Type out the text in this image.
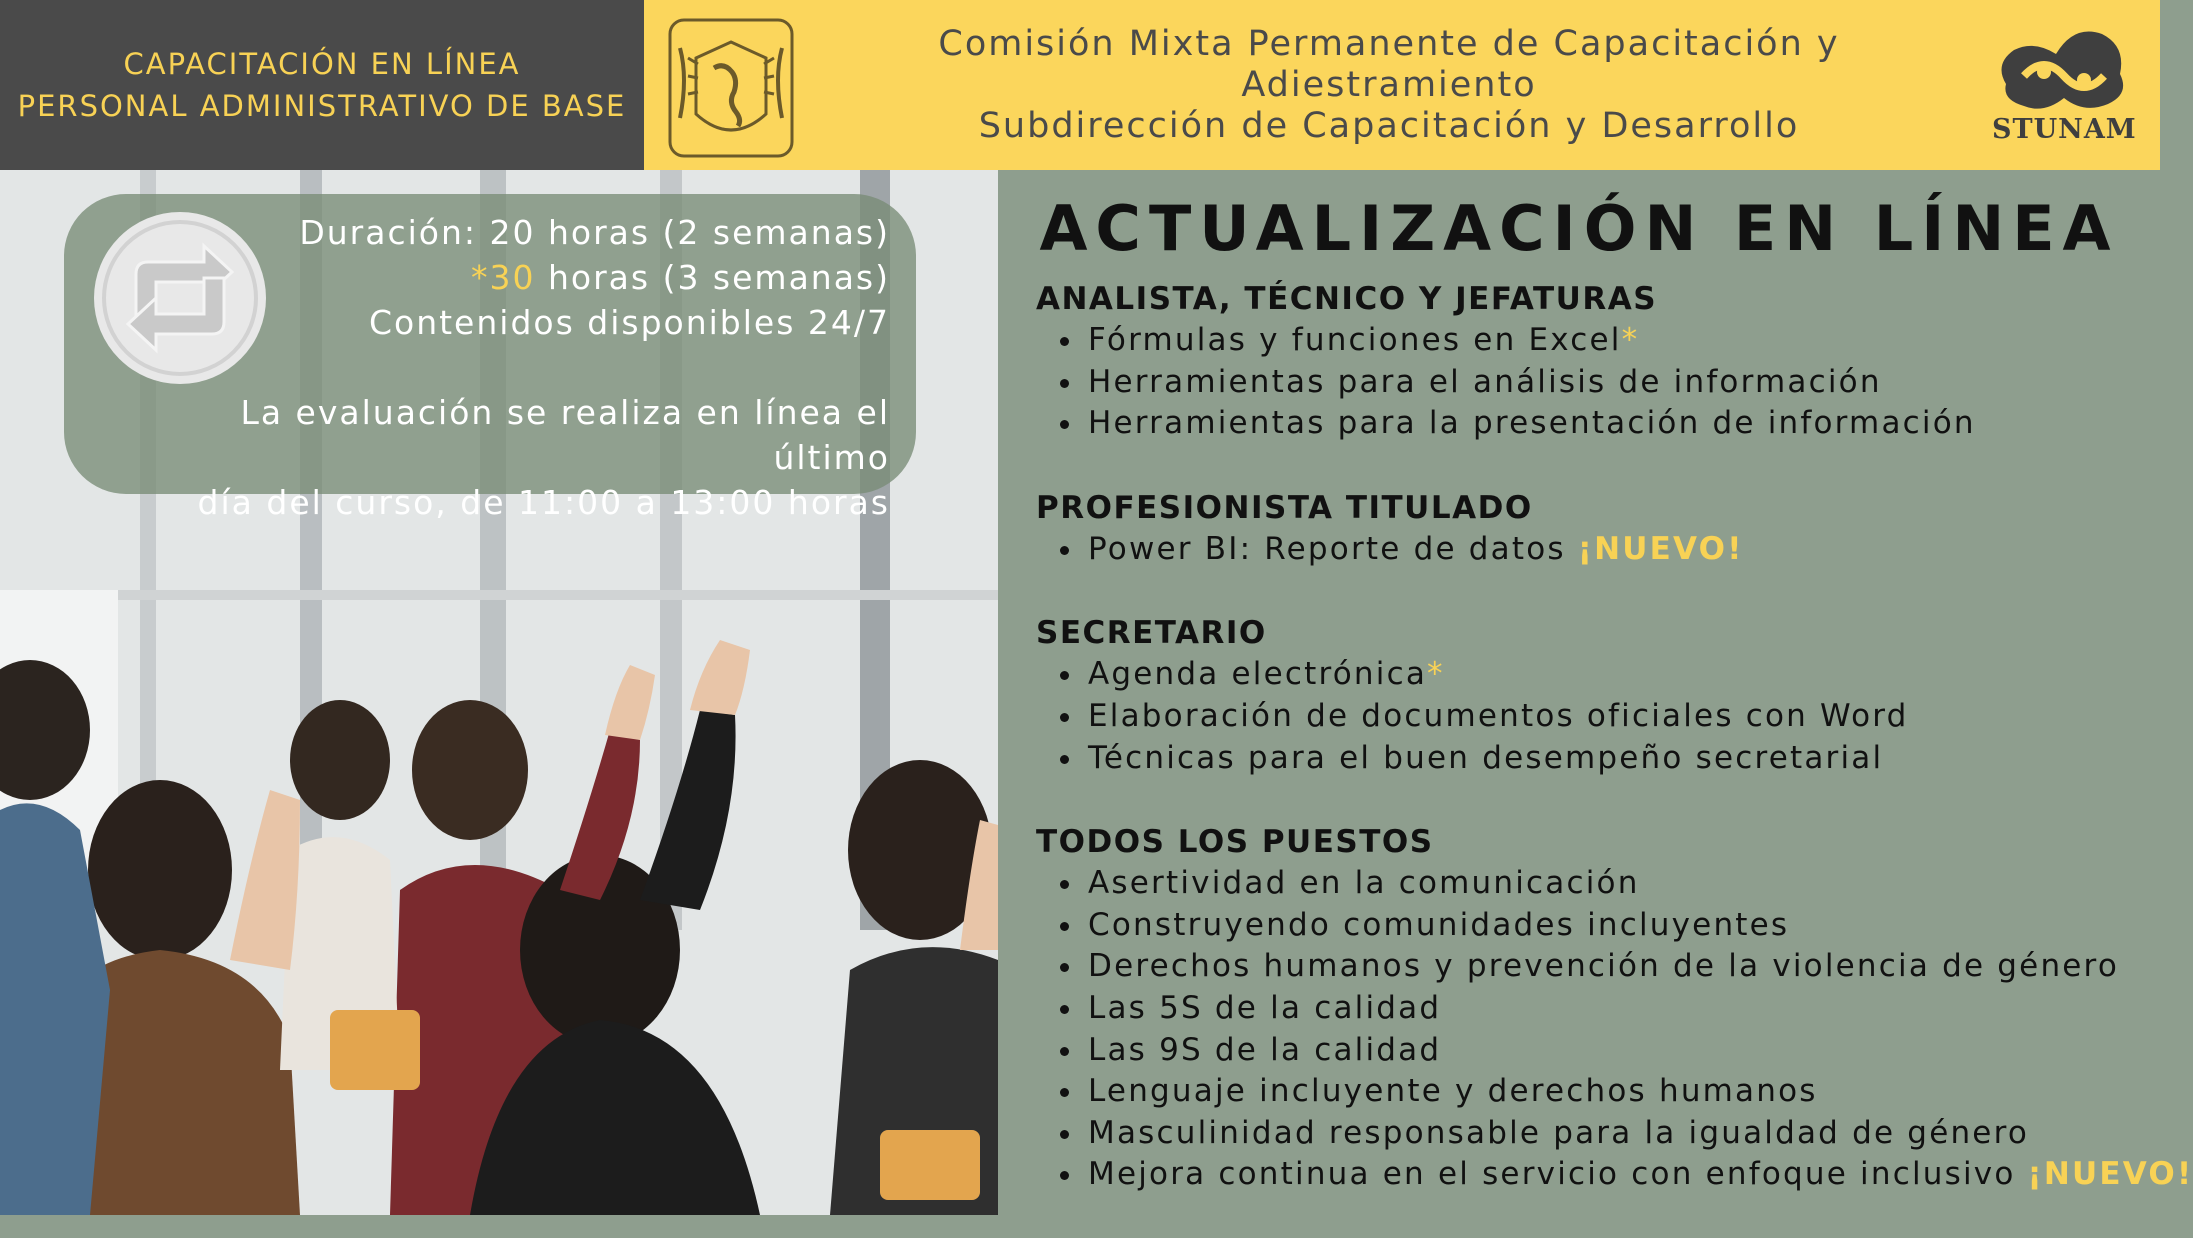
CAPACITACIÓN EN LÍNEA
PERSONAL ADMINISTRATIVO DE BASE
Comisión Mixta Permanente de Capacitación y Adiestramiento
Subdirección de Capacitación y Desarrollo	STUNAM
Duración: 20 horas (2 semanas)
*30 horas (3 semanas)
Contenidos disponibles 24/7
La evaluación se realiza en línea el último
día del curso, de 11:00 a 13:00 horas
ACTUALIZACIÓN EN LÍNEA
ANALISTA, TÉCNICO Y JEFATURAS
Fórmulas y funciones en Excel*
Herramientas para el análisis de información
Herramientas para la presentación de información
PROFESIONISTA TITULADO
Power BI: Reporte de datos ¡NUEVO!
SECRETARIO
Agenda electrónica*
Elaboración de documentos oficiales con Word
Técnicas para el buen desempeño secretarial
TODOS LOS PUESTOS
Asertividad en la comunicación
Construyendo comunidades incluyentes
Derechos humanos y prevención de la violencia de género
Las 5S de la calidad
Las 9S de la calidad
Lenguaje incluyente y derechos humanos
Masculinidad responsable para la igualdad de género
Mejora continua en el servicio con enfoque inclusivo ¡NUEVO!
